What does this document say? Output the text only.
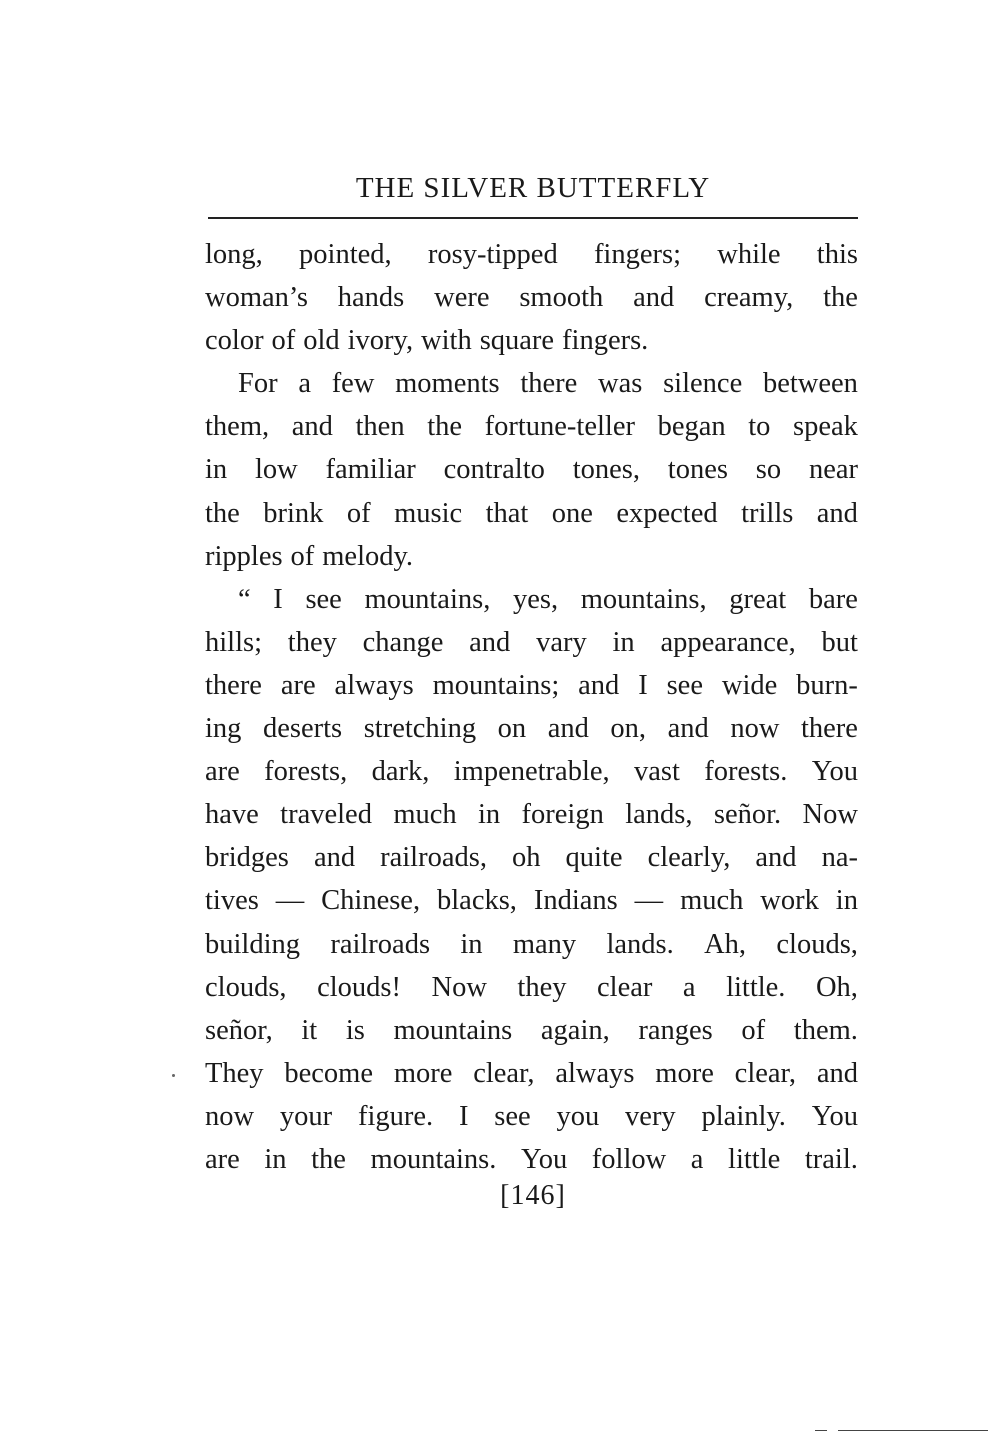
THE SILVER BUTTERFLY
long, pointed, rosy-tipped fingers; while this
woman’s hands were smooth and creamy, the
color of old ivory, with square fingers.
For a few moments there was silence between
them, and then the fortune-teller began to speak
in low familiar contralto tones, tones so near
the brink of music that one expected trills and
ripples of melody.
“ I see mountains, yes, mountains, great bare
hills; they change and vary in appearance, but
there are always mountains; and I see wide burn-
ing deserts stretching on and on, and now there
are forests, dark, impenetrable, vast forests. You
have traveled much in foreign lands, señor. Now
bridges and railroads, oh quite clearly, and na-
tives — Chinese, blacks, Indians — much work in
building railroads in many lands. Ah, clouds,
clouds, clouds! Now they clear a little. Oh,
señor, it is mountains again, ranges of them.
They become more clear, always more clear, and
now your figure. I see you very plainly. You
are in the mountains. You follow a little trail.
[146]
